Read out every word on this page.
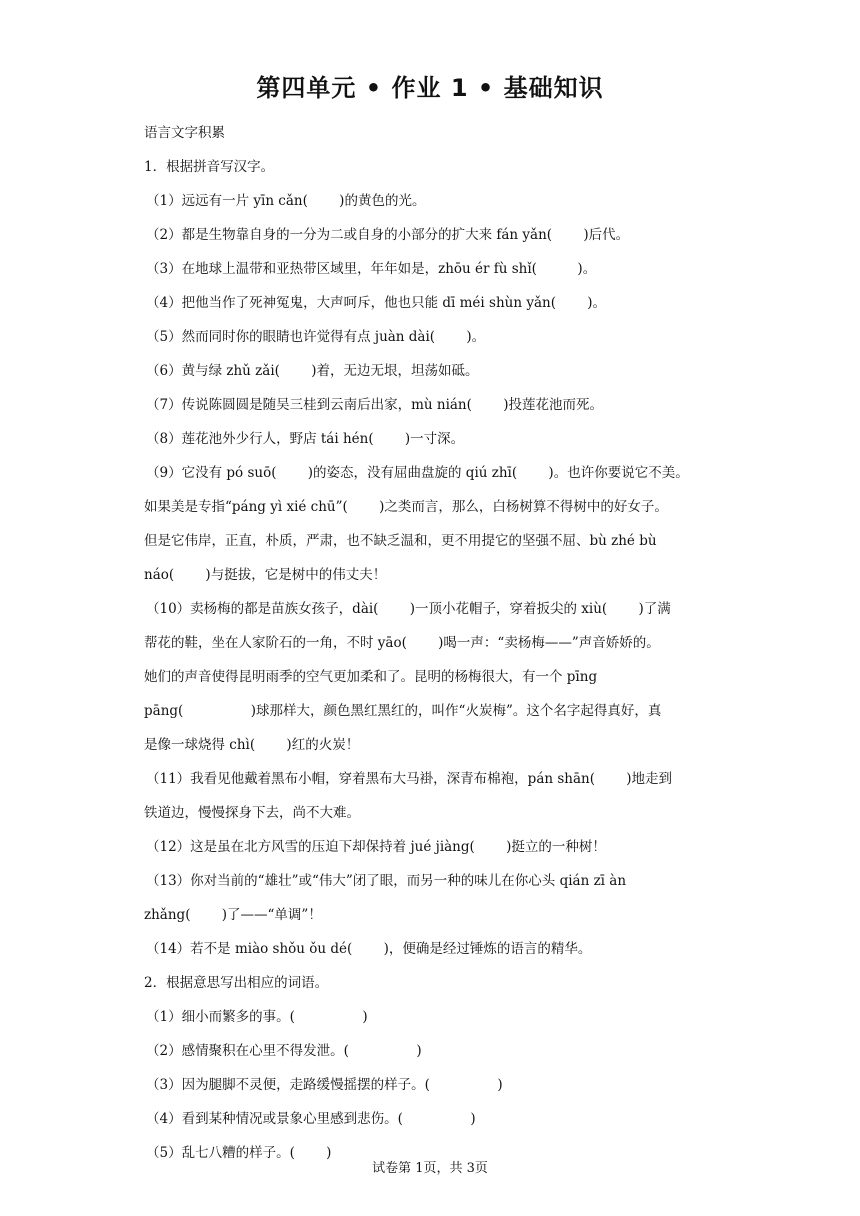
第四单元 • 作业 1 • 基础知识
语言文字积累
1．根据拼音写汉字。
（1）远远有一片 yīn cǎn(　　 )的黄色的光。
（2）都是生物靠自身的一分为二或自身的小部分的扩大来 fán yǎn(　　 )后代。
（3）在地球上温带和亚热带区域里，年年如是，zhōu ér fù shǐ(　　　)。
（4）把他当作了死神冤鬼，大声呵斥，他也只能 dī méi shùn yǎn(　　 )。
（5）然而同时你的眼睛也许觉得有点 juàn dài(　　 )。
（6）黄与绿 zhǔ zǎi(　　 )着，无边无垠，坦荡如砥。
（7）传说陈圆圆是随吴三桂到云南后出家，mù nián(　　 )投莲花池而死。
（8）莲花池外少行人，野店 tái hén(　　 )一寸深。
（9）它没有 pó suō(　　 )的姿态，没有屈曲盘旋的 qiú zhī(　　 )。也许你要说它不美。
如果美是专指“páng yì xié chū”(　　 )之类而言，那么，白杨树算不得树中的好女子。
但是它伟岸，正直，朴质，严肃，也不缺乏温和，更不用提它的坚强不屈、bù zhé bù
náo(　　 )与挺拔，它是树中的伟丈夫！
（10）卖杨梅的都是苗族女孩子，dài(　　 )一顶小花帽子，穿着扳尖的 xiù(　　 )了满
帮花的鞋，坐在人家阶石的一角，不时 yāo(　　 )喝一声：“卖杨梅——”声音娇娇的。
她们的声音使得昆明雨季的空气更加柔和了。昆明的杨梅很大，有一个 pīng
pāng(　　　　　)球那样大，颜色黑红黑红的，叫作“火炭梅”。这个名字起得真好，真
是像一球烧得 chì(　　 )红的火炭！
（11）我看见他戴着黑布小帽，穿着黑布大马褂，深青布棉袍，pán shān(　　 )地走到
铁道边，慢慢探身下去，尚不大难。
（12）这是虽在北方风雪的压迫下却保持着 jué jiàng(　　 )挺立的一种树！
（13）你对当前的“雄壮”或“伟大”闭了眼，而另一种的味儿在你心头 qián zī àn
zhǎng(　　 )了——“单调”！
（14）若不是 miào shǒu ǒu dé(　　 )，便确是经过锤炼的语言的精华。
2．根据意思写出相应的词语。
（1）细小而繁多的事。(　　　　　)
（2）感情聚积在心里不得发泄。(　　　　　)
（3）因为腿脚不灵便，走路缓慢摇摆的样子。(　　　　　)
（4）看到某种情况或景象心里感到悲伤。(　　　　　)
（5）乱七八糟的样子。(　　 )
试卷第 1页，共 3页
